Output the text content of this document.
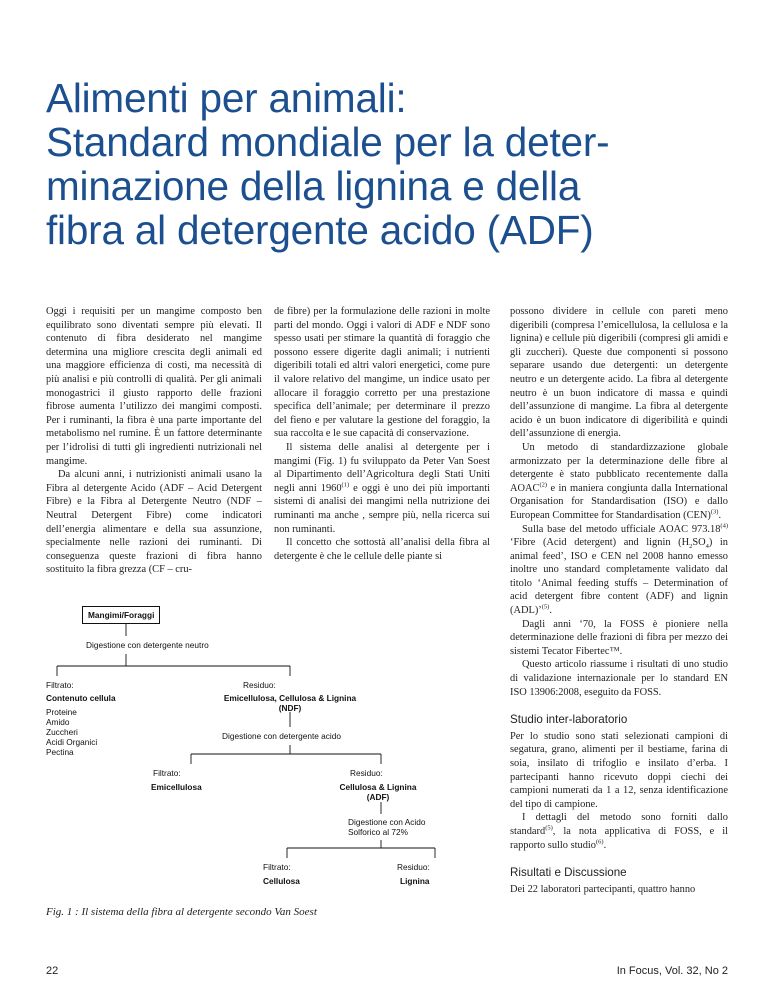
Alimenti per animali:
Standard mondiale per la deter-
minazione della lignina e della
fibra al detergente acido (ADF)

Oggi i requisiti per un mangime composto ben equilibrato sono diventati sempre più elevati. Il contenuto di fibra desiderato nel mangime determina una migliore crescita degli animali ed una maggiore efficienza di costi, ma necessità di più analisi e più controlli di qualità. Per gli animali monogastrici il giusto rapporto delle frazioni fibrose aumenta l’utilizzo dei mangimi composti. Per i ruminanti, la fibra è una parte importante del metabolismo nel rumine. È un fattore determinante per l’idrolisi di tutti gli ingredienti nutrizionali nel mangime.

Da alcuni anni, i nutrizionisti animali usano la Fibra al detergente Acido (ADF – Acid Detergent Fibre) e la Fibra al Detergente Neutro (NDF – Neutral Detergent Fibre) come indicatori dell’energia alimentare e della sua assunzione, specialmente nelle razioni dei ruminanti. Di conseguenza queste frazioni di fibra hanno sostituito la fibra grezza (CF – cru-

de fibre) per la formulazione delle razioni in molte parti del mondo. Oggi i valori di ADF e NDF sono spesso usati per stimare la quantità di foraggio che possono essere digerite dagli animali; i nutrienti digeribili totali ed altri valori energetici, come pure il valore relativo del mangime, un indice usato per allocare il foraggio corretto per una prestazione specifica dell’animale; per determinare il prezzo del fieno e per valutare la gestione del foraggio, la sua raccolta e le sue capacità di conservazione.

Il sistema delle analisi al detergente per i mangimi (Fig. 1) fu sviluppato da Peter Van Soest al Dipartimento dell’Agricoltura degli Stati Uniti negli anni 1960$^{(1)}$ e oggi è uno dei più importanti sistemi di analisi dei mangimi nella nutrizione dei ruminanti ma anche , sempre più, nella ricerca sui non ruminanti.

Il concetto che sottostà all’analisi della fibra al detergente è che le cellule delle piante si

possono dividere in cellule con pareti meno digeribili (compresa l’emicellulosa, la cellulosa e la lignina) e cellule più digeribili (compresi gli amidi e gli zuccheri). Queste due componenti si possono separare usando due detergenti: un detergente neutro e un detergente acido. La fibra al detergente neutro è un buon indicatore di massa e quindi dell’assunzione di mangime. La fibra al detergente acido è un buon indicatore di digeribilità e quindi dell’assunzione di energia.

Un metodo di standardizzazione globale armonizzato per la determinazione delle fibre al detergente è stato pubblicato recentemente dalla AOAC$^{(2)}$ e in maniera congiunta dalla International Organisation for Standardisation (ISO) e dallo European Committee for Standardisation (CEN)$^{(3)}$.

Sulla base del metodo ufficiale AOAC 973.18$^{(4)}$ ‘Fibre (Acid detergent) and lignin $(H_2SO_4)$ in animal feed’, ISO e CEN nel 2008 hanno emesso inoltre uno standard completamente validato dal titolo ‘Animal feeding stuffs – Determination of acid detergent fibre content (ADF) and lignin (ADL)’$^{(5)}$.

Dagli anni ‘70, la FOSS è pioniere nella determinazione delle frazioni di fibra per mezzo dei sistemi Tecator Fibertec™.

Questo articolo riassume i risultati di uno studio di validazione internazionale per lo standard EN ISO 13906:2008, eseguito da FOSS.

Studio inter-laboratorio

Per lo studio sono stati selezionati campioni di segatura, grano, alimenti per il bestiame, farina di soia, insilato di trifoglio e insilato d’erba. I partecipanti hanno ricevuto doppi ciechi dei campioni numerati da 1 a 12, senza identificazione del tipo di campione.

I dettagli del metodo sono forniti dallo standard$^{(5)}$, la nota applicativa di FOSS, e il rapporto sullo studio$^{(6)}$.

Risultati e Discussione

Dei 22 laboratori partecipanti, quattro hanno

Mangimi/Foraggi
Digestione con detergente neutro
Filtrato:
Contenuto cellula
Proteine
Amido
Zuccheri
Acidi Organici
Pectina
Residuo:
Emicellulosa, Cellulosa & Lignina
(NDF)
Digestione con detergente acido
Filtrato:
Emicellulosa
Residuo:
Cellulosa & Lignina
(ADF)
Digestione con Acido
Solforico al 72%
Filtrato:
Cellulosa
Residuo:
Lignina
Fig. 1 : Il sistema della fibra al detergente secondo Van Soest
22	In Focus, Vol. 32, No 2
